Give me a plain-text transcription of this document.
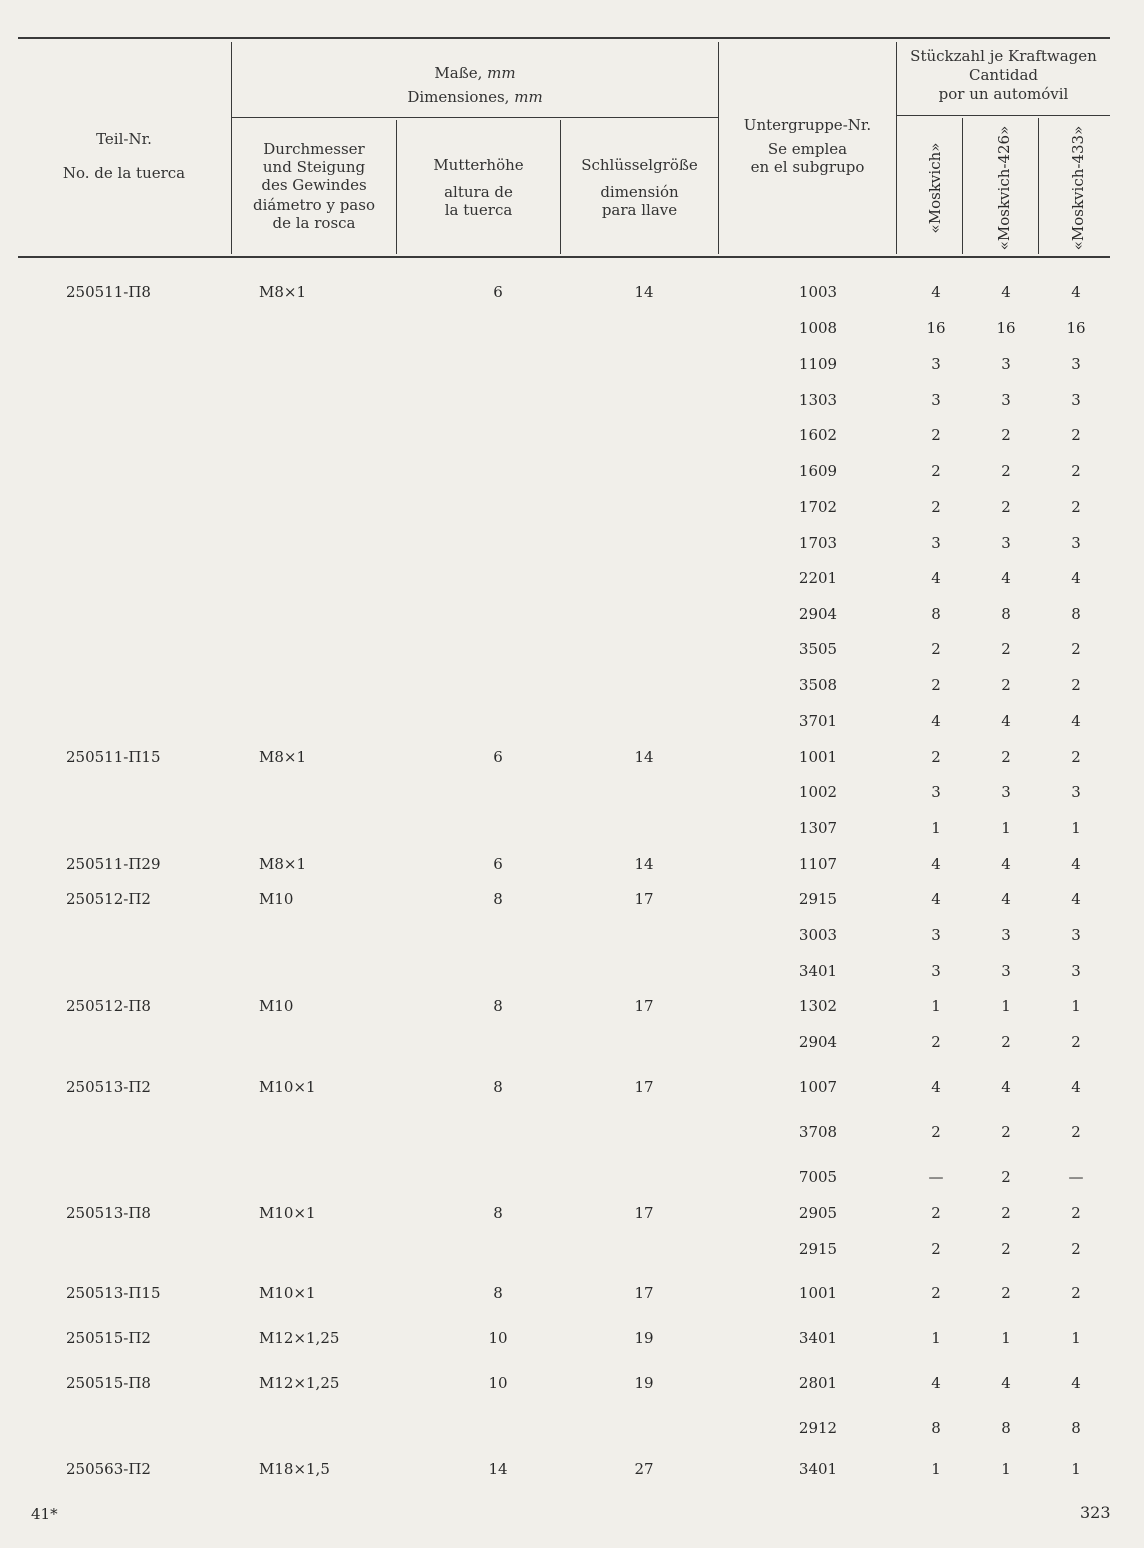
Teil-Nr.
No. de la tuerca
Maße, mm
Dimensiones, mm
Durchmesser
und Steigung
des Gewindes
diámetro y paso
de la rosca
Mutterhöhe
altura de
la tuerca
Schlüsselgröße
dimensión
para llave
Untergruppe-Nr.
Se emplea
en el subgrupo
Stückzahl je Kraftwagen
Cantidad
por un automóvil
«Moskvich»	«Moskvich-426»	«Moskvich-433»
250511-П8	M8×1	6	14	1003	4	4	4
1008	16	16	16
1109	3	3	3
1303	3	3	3
1602	2	2	2
1609	2	2	2
1702	2	2	2
1703	3	3	3
2201	4	4	4
2904	8	8	8
3505	2	2	2
3508	2	2	2
3701	4	4	4
250511-П15	M8×1	6	14	1001	2	2	2
1002	3	3	3
1307	1	1	1
250511-П29	M8×1	6	14	1107	4	4	4
250512-П2	M10	8	17	2915	4	4	4
3003	3	3	3
3401	3	3	3
250512-П8	M10	8	17	1302	1	1	1
2904	2	2	2
250513-П2	M10×1	8	17	1007	4	4	4
3708	2	2	2
7005	—	2	—
250513-П8	M10×1	8	17	2905	2	2	2
2915	2	2	2
250513-П15	M10×1	8	17	1001	2	2	2
250515-П2	M12×1,25	10	19	3401	1	1	1
250515-П8	M12×1,25	10	19	2801	4	4	4
2912	8	8	8
250563-П2	M18×1,5	14	27	3401	1	1	1
41*	323
